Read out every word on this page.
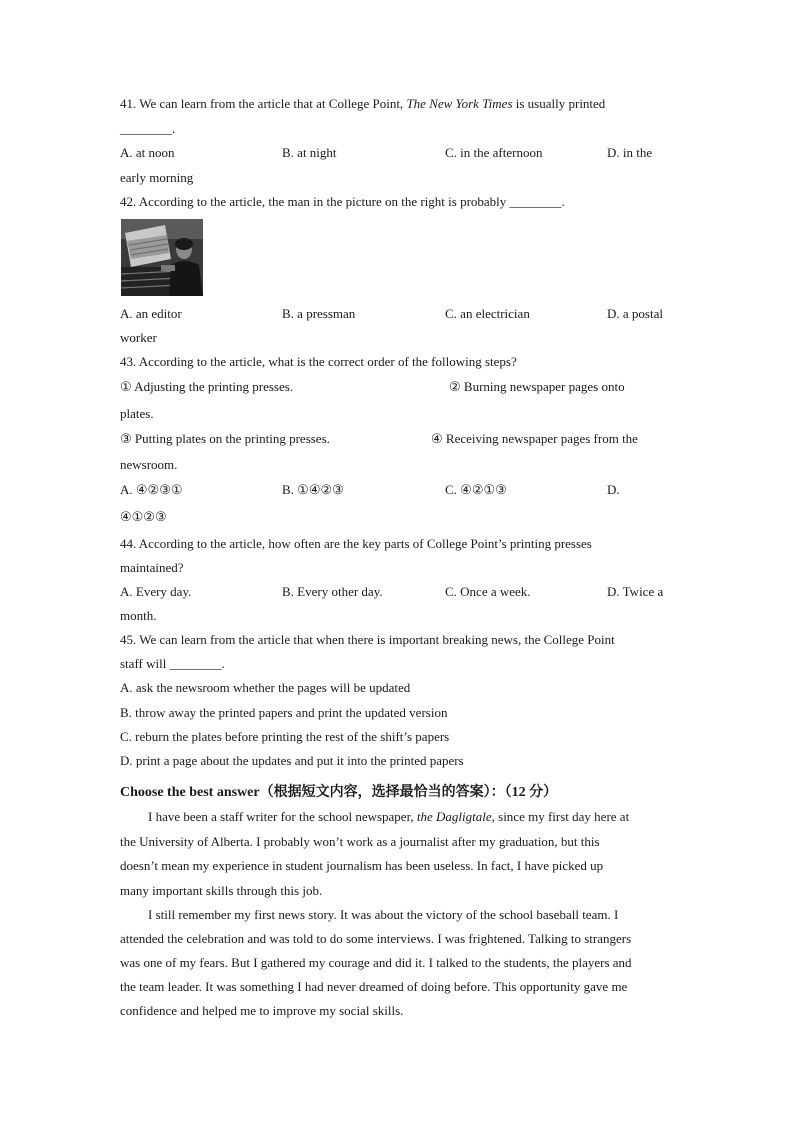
41. We can learn from the article that at College Point, The New York Times is usually printed
________.
A. at noon	B. at night	C. in the afternoon	D. in the
early morning
42. According to the article, the man in the picture on the right is probably ________.
A. an editor	B. a pressman	C. an electrician	D. a postal
worker
43. According to the article, what is the correct order of the following steps?
① Adjusting the printing presses.	② Burning newspaper pages onto
plates.
③ Putting plates on the printing presses.	④ Receiving newspaper pages from the
newsroom.
A. ④②③①	B. ①④②③	C. ④②①③	D.
④①②③
44. According to the article, how often are the key parts of College Point’s printing presses
maintained?
A. Every day.	B. Every other day.	C. Once a week.	D. Twice a
month.
45. We can learn from the article that when there is important breaking news, the College Point
staff will ________.
A. ask the newsroom whether the pages will be updated
B. throw away the printed papers and print the updated version
C. reburn the plates before printing the rest of the shift’s papers
D. print a page about the updates and put it into the printed papers
Choose the best answer（根据短文内容，选择最恰当的答案）：（12 分）
I have been a staff writer for the school newspaper, the Dagligtale, since my first day here at
the University of Alberta. I probably won’t work as a journalist after my graduation, but this
doesn’t mean my experience in student journalism has been useless. In fact, I have picked up
many important skills through this job.
I still remember my first news story. It was about the victory of the school baseball team. I
attended the celebration and was told to do some interviews. I was frightened. Talking to strangers
was one of my fears. But I gathered my courage and did it. I talked to the students, the players and
the team leader. It was something I had never dreamed of doing before. This opportunity gave me
confidence and helped me to improve my social skills.
